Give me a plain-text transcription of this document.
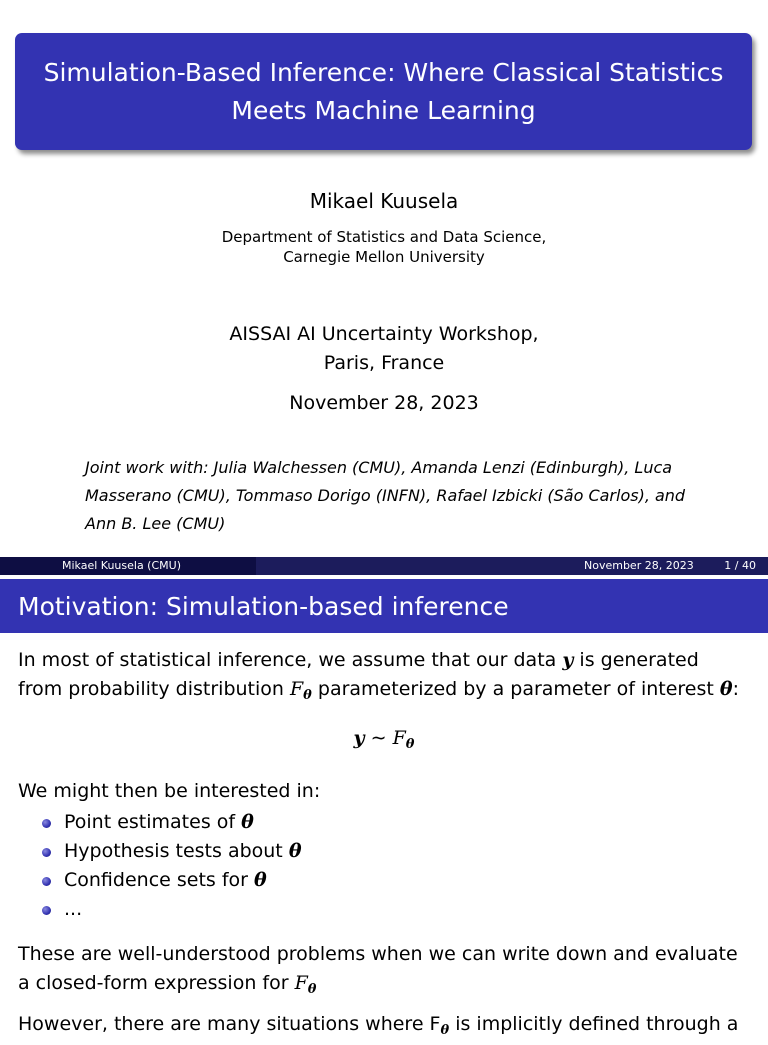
Simulation-Based Inference: Where Classical Statistics
Meets Machine Learning
Mikael Kuusela
Department of Statistics and Data Science,
Carnegie Mellon University
AISSAI AI Uncertainty Workshop,
Paris, France
November 28, 2023
Joint work with: Julia Walchessen (CMU), Amanda Lenzi (Edinburgh), Luca Masserano (CMU), Tommaso Dorigo (INFN), Rafael Izbicki (São Carlos), and Ann B. Lee (CMU)
Mikael Kuusela (CMU)	November 28, 2023	1 / 40
Motivation: Simulation-based inference
In most of statistical inference, we assume that our data y is generated
from probability distribution $F_\theta$ parameterized by a parameter of interest θ:
y ∼ $F_\theta$
We might then be interested in:
Point estimates of θ
Hypothesis tests about θ
Confidence sets for θ
...
These are well-understood problems when we can write down and evaluate
a closed-form expression for $F_\theta$
However, there are many situations where $F_\theta$ is implicitly defined through a
